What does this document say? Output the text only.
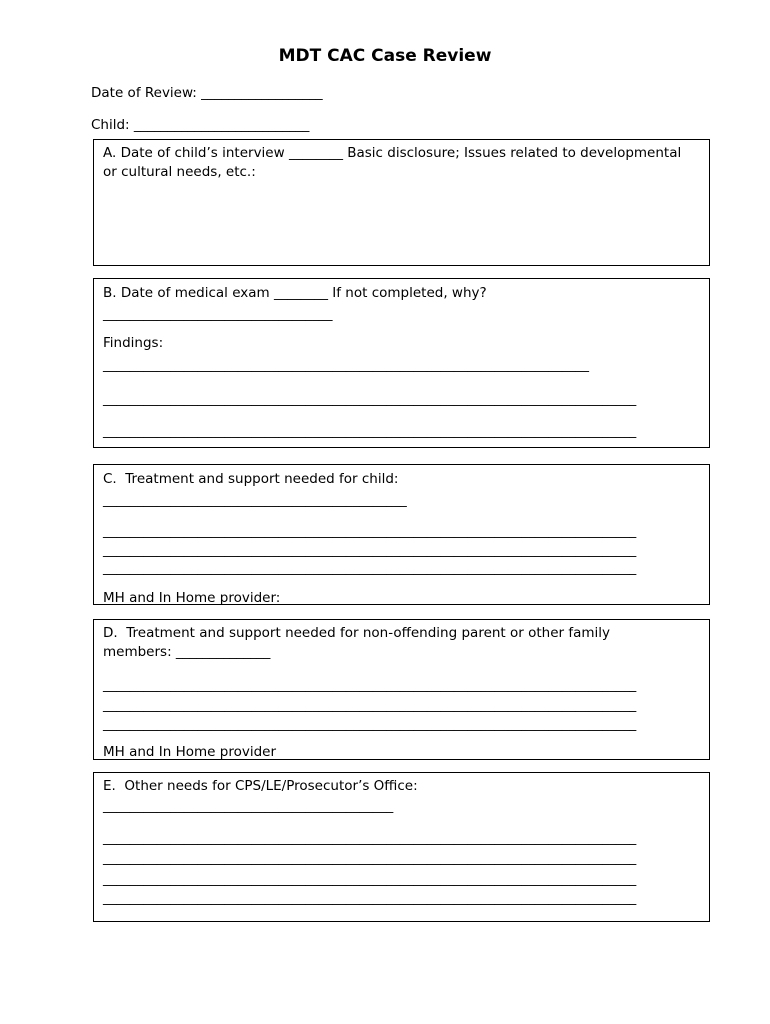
MDT CAC Case Review
Date of Review: __________________
Child: __________________________
A. Date of child’s interview ________ Basic disclosure; Issues related to developmental
or cultural needs, etc.:
B. Date of medical exam ________ If not completed, why?
__________________________________
Findings:
________________________________________________________________________
_______________________________________________________________________________
_______________________________________________________________________________
C.  Treatment and support needed for child:
_____________________________________________
_______________________________________________________________________________
_______________________________________________________________________________
_______________________________________________________________________________
MH and In Home provider:
D.  Treatment and support needed for non-offending parent or other family
members: ______________
_______________________________________________________________________________
_______________________________________________________________________________
_______________________________________________________________________________
MH and In Home provider
E.  Other needs for CPS/LE/Prosecutor’s Office:
___________________________________________
_______________________________________________________________________________
_______________________________________________________________________________
_______________________________________________________________________________
_______________________________________________________________________________
